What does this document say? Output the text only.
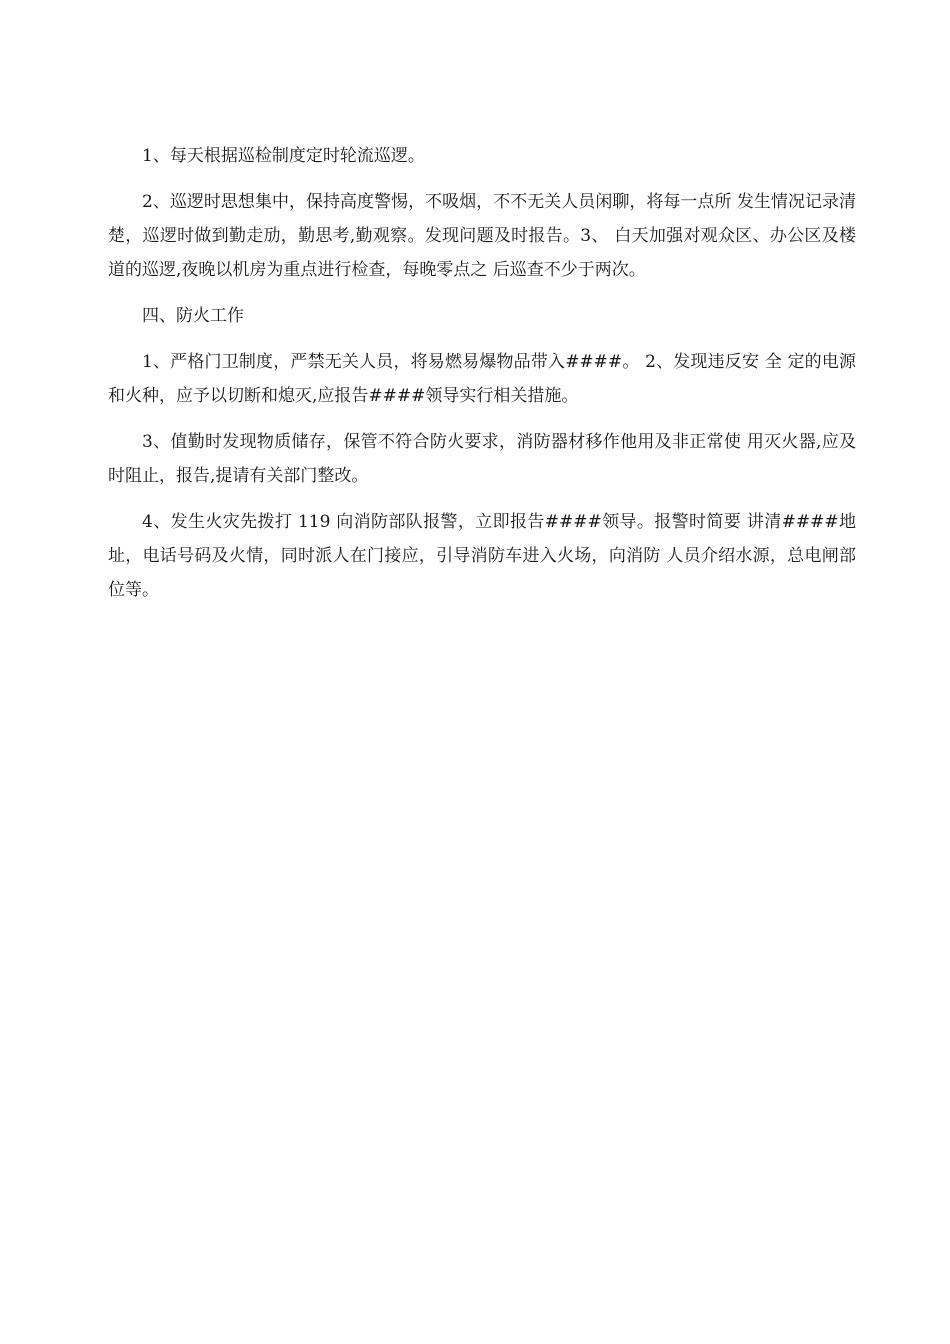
1、每天根据巡检制度定时轮流巡逻。

2、巡逻时思想集中，保持高度警惕，不吸烟，不不无关人员闲聊，将每一点所 发生情况记录清楚，巡逻时做到勤走劢，勤思考,勤观察。发现问题及时报告。3、 白天加强对观众区、办公区及楼道的巡逻,夜晚以机房为重点进行检查，每晚零点之 后巡查不少于两次。

四、防火工作

1、严格门卫制度，严禁无关人员，将易燃易爆物品带入####。 2、发现违反安 全 定的电源和火种，应予以切断和熄灭,应报告####领导实行相关措施。

3、值勤时发现物质储存，保管不符合防火要求，消防器材移作他用及非正常使 用灭火器,应及时阻止，报告,提请有关部门整改。

4、发生火灾先拨打 119 向消防部队报警，立即报告####领导。报警时简要 讲清####地址，电话号码及火情，同时派人在门接应，引导消防车进入火场，向消防 人员介绍水源，总电闸部位等。
